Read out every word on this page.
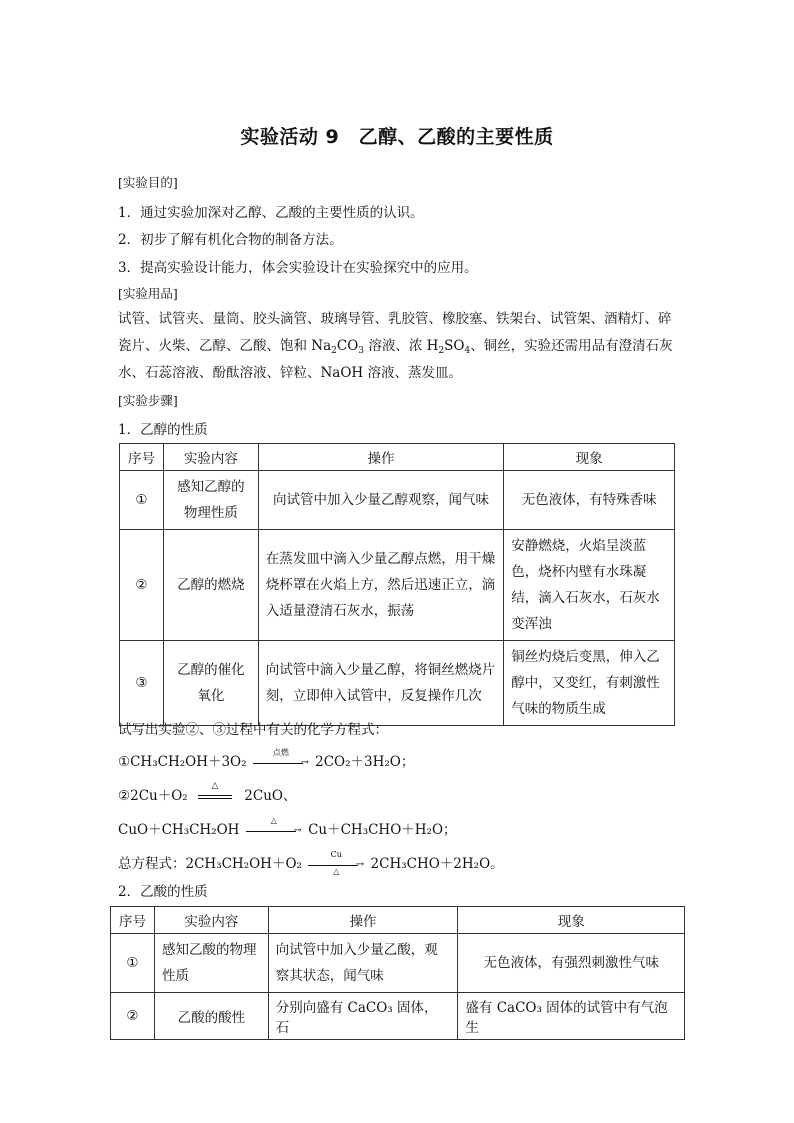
实验活动 9　乙醇、乙酸的主要性质
[实验目的]
1．通过实验加深对乙醇、乙酸的主要性质的认识。
2．初步了解有机化合物的制备方法。
3．提高实验设计能力，体会实验设计在实验探究中的应用。
[实验用品]
试管、试管夹、量筒、胶头滴管、玻璃导管、乳胶管、橡胶塞、铁架台、试管架、酒精灯、碎瓷片、火柴、乙醇、乙酸、饱和 $Na_2CO_3$ 溶液、浓 $H_2SO_4$、铜丝，实验还需用品有澄清石灰水、石蕊溶液、酚酞溶液、锌粒、NaOH 溶液、蒸发皿。
[实验步骤]
1．乙醇的性质
序号	实验内容	操作	现象
①	感知乙醇的物理性质	向试管中加入少量乙醇观察，闻气味	无色液体，有特殊香味
②	乙醇的燃烧	在蒸发皿中滴入少量乙醇点燃，用干燥烧杯罩在火焰上方，然后迅速正立，滴入适量澄清石灰水，振荡	安静燃烧，火焰呈淡蓝色，烧杯内壁有水珠凝结，滴入石灰水，石灰水变浑浊
③	乙醇的催化氧化	向试管中滴入少量乙醇，将铜丝燃烧片刻，立即伸入试管中，反复操作几次	铜丝灼烧后变黑，伸入乙醇中，又变红，有刺激性气味的物质生成
试写出实验②、③过程中有关的化学方程式：
①CH₃CH₂OH＋3O₂
点燃
→ 2CO₂＋3H₂O；
②2Cu＋O₂
△
2CuO、
CuO＋CH₃CH₂OH
△
→ Cu＋CH₃CHO＋H₂O；
总方程式：2CH₃CH₂OH＋O₂
Cu
→
△	2CH₃CHO＋2H₂O。
2．乙酸的性质
序号	实验内容	操作	现象
①	感知乙酸的物理性质	向试管中加入少量乙酸，观察其状态，闻气味	无色液体，有强烈刺激性气味
②	乙酸的酸性	分别向盛有 CaCO₃ 固体，石	盛有 CaCO₃ 固体的试管中有气泡生
